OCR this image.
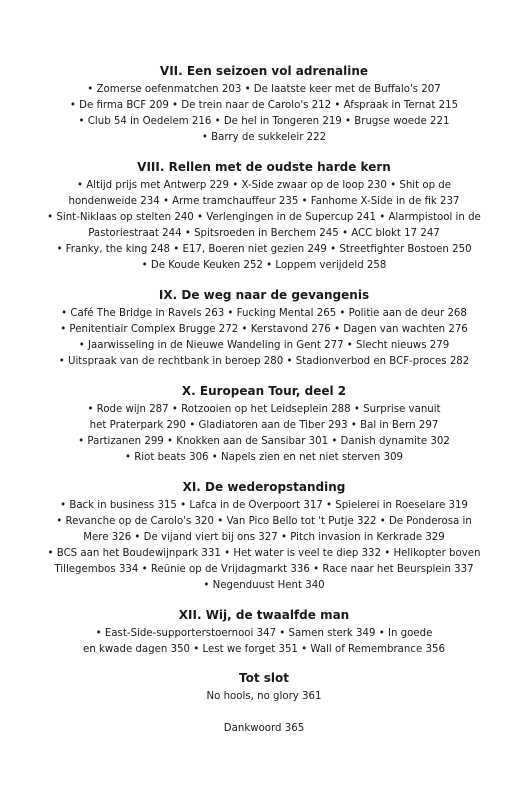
VII. Een seizoen vol adrenaline
• Zomerse oefenmatchen 203 • De laatste keer met de Buffalo's 207
• De firma BCF 209 • De trein naar de Carolo's 212 • Afspraak in Ternat 215
• Club 54 in Oedelem 216 • De hel in Tongeren 219 • Brugse woede 221
• Barry de sukkeleir 222
VIII. Rellen met de oudste harde kern
• Altijd prijs met Antwerp 229 • X-Side zwaar op de loop 230 • Shit op de
hondenweide 234 • Arme tramchauffeur 235 • Fanhome X-Side in de fik 237
• Sint-Niklaas op stelten 240 • Verlengingen in de Supercup 241 • Alarmpistool in de
Pastoriestraat 244 • Spitsroeden in Berchem 245 • ACC blokt 17 247
• Franky, the king 248 • E17, Boeren niet gezien 249 • Streetfighter Bostoen 250
• De Koude Keuken 252 • Loppem verijdeld 258
IX. De weg naar de gevangenis
• Café The Bridge in Ravels 263 • Fucking Mental 265 • Politie aan de deur 268
• Penitentiair Complex Brugge 272 • Kerstavond 276 • Dagen van wachten 276
• Jaarwisseling in de Nieuwe Wandeling in Gent 277 • Slecht nieuws 279
• Uitspraak van de rechtbank in beroep 280 • Stadionverbod en BCF-proces 282
X. European Tour, deel 2
• Rode wijn 287 • Rotzooien op het Leidseplein 288 • Surprise vanuit
het Praterpark 290 • Gladiatoren aan de Tiber 293 • Bal in Bern 297
• Partizanen 299 • Knokken aan de Sansibar 301 • Danish dynamite 302
• Riot beats 306 • Napels zien en net niet sterven 309
XI. De wederopstanding
• Back in business 315 • Lafca in de Overpoort 317 • Spielerei in Roeselare 319
• Revanche op de Carolo's 320 • Van Pico Bello tot 't Putje 322 • De Ponderosa in
Mere 326 • De vijand viert bij ons 327 • Pitch invasion in Kerkrade 329
• BCS aan het Boudewijnpark 331 • Het water is veel te diep 332 • Helikopter boven
Tillegembos 334 • Reünie op de Vrijdagmarkt 336 • Race naar het Beursplein 337
• Negenduust Hent 340
XII. Wij, de twaalfde man
• East-Side-supporterstoernooi 347 • Samen sterk 349 • In goede
en kwade dagen 350 • Lest we forget 351 • Wall of Remembrance 356
Tot slot
No hools, no glory 361
Dankwoord 365
